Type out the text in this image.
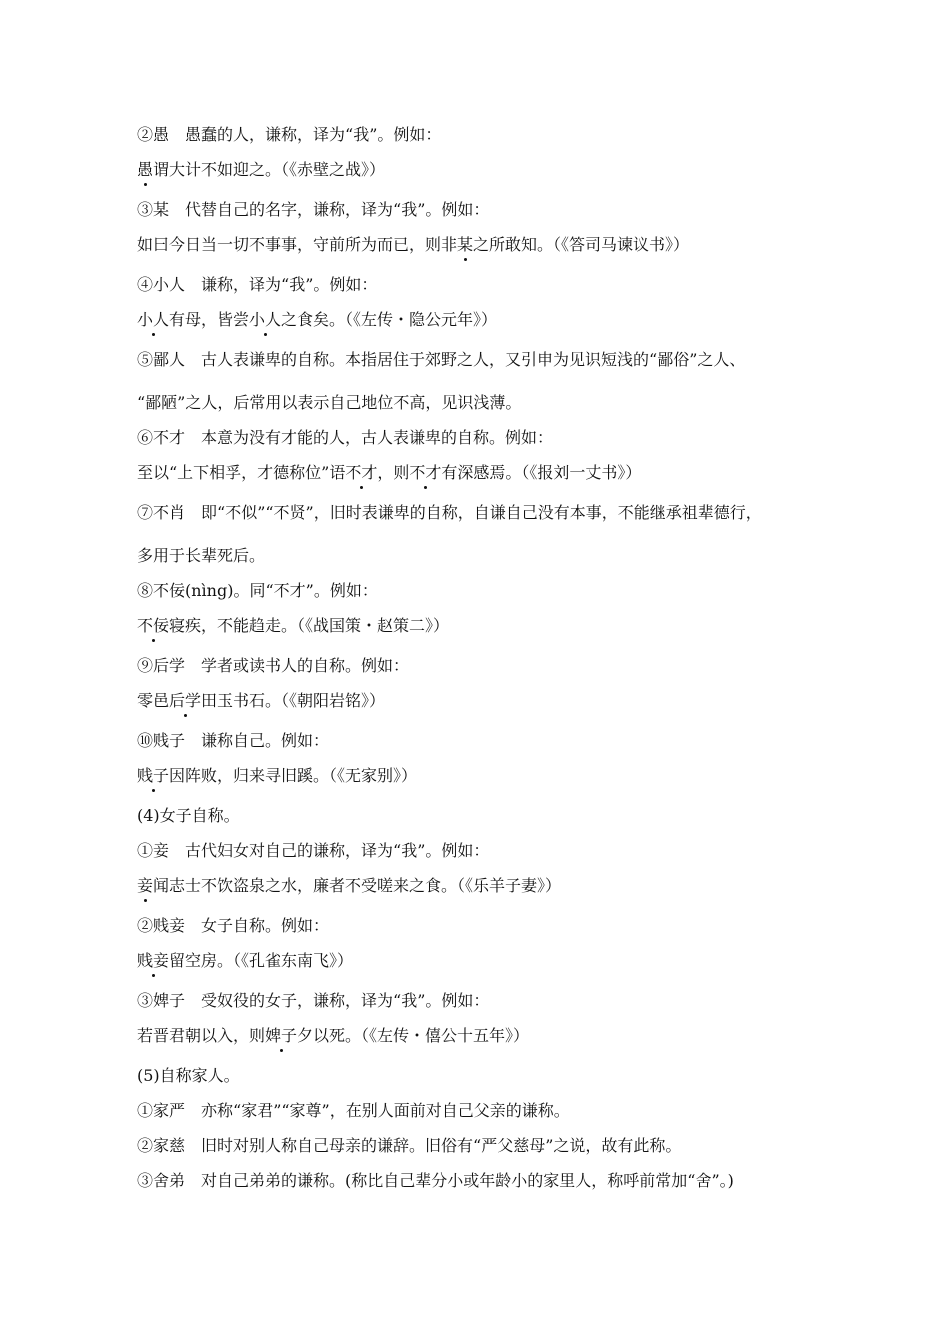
②愚 愚蠢的人，谦称，译为“我”。例如：
愚谓大计不如迎之。（《赤壁之战》）
③某 代替自己的名字，谦称，译为“我”。例如：
如曰今日当一切不事事，守前所为而已，则非某之所敢知。（《答司马谏议书》）
④小人 谦称，译为“我”。例如：
小人有母，皆尝小人之食矣。（《左传・隐公元年》）
⑤鄙人 古人表谦卑的自称。本指居住于郊野之人，又引申为见识短浅的“鄙俗”之人、
“鄙陋”之人，后常用以表示自己地位不高，见识浅薄。
⑥不才 本意为没有才能的人，古人表谦卑的自称。例如：
至以“上下相孚，才德称位”语不才，则不才有深感焉。（《报刘一丈书》）
⑦不肖 即“不似”“不贤”，旧时表谦卑的自称，自谦自己没有本事，不能继承祖辈德行，
多用于长辈死后。
⑧不佞(nìng)。同“不才”。例如：
不佞寝疾，不能趋走。（《战国策・赵策二》）
⑨后学 学者或读书人的自称。例如：
零邑后学田玉书石。（《朝阳岩铭》）
⑩贱子 谦称自己。例如：
贱子因阵败，归来寻旧蹊。（《无家别》）
(4)女子自称。
①妾 古代妇女对自己的谦称，译为“我”。例如：
妾闻志士不饮盗泉之水，廉者不受嗟来之食。（《乐羊子妻》）
②贱妾 女子自称。例如：
贱妾留空房。（《孔雀东南飞》）
③婢子 受奴役的女子，谦称，译为“我”。例如：
若晋君朝以入，则婢子夕以死。（《左传・僖公十五年》）
(5)自称家人。
①家严 亦称“家君”“家尊”，在别人面前对自己父亲的谦称。
②家慈 旧时对别人称自己母亲的谦辞。旧俗有“严父慈母”之说，故有此称。
③舍弟 对自己弟弟的谦称。(称比自己辈分小或年龄小的家里人，称呼前常加“舍”。)
